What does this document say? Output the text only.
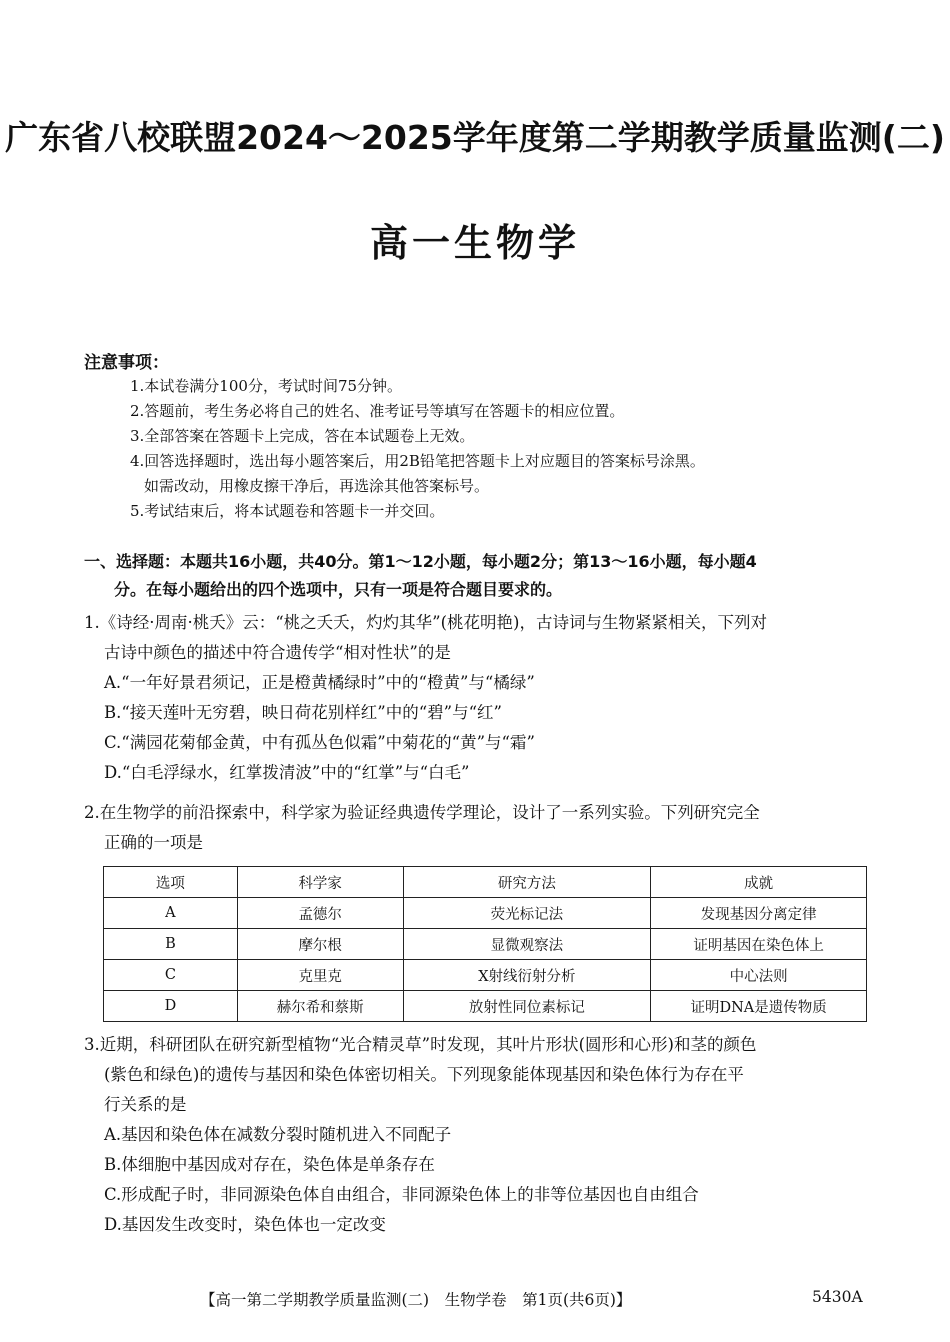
广东省八校联盟2024～2025学年度第二学期教学质量监测(二)
高一生物学
注意事项：
1.本试卷满分100分，考试时间75分钟。
2.答题前，考生务必将自己的姓名、准考证号等填写在答题卡的相应位置。
3.全部答案在答题卡上完成，答在本试题卷上无效。
4.回答选择题时，选出每小题答案后，用2B铅笔把答题卡上对应题目的答案标号涂黑。
如需改动，用橡皮擦干净后，再选涂其他答案标号。
5.考试结束后，将本试题卷和答题卡一并交回。
一、选择题：本题共16小题，共40分。第1～12小题，每小题2分；第13～16小题，每小题4
分。在每小题给出的四个选项中，只有一项是符合题目要求的。
1.《诗经·周南·桃夭》云：“桃之夭夭，灼灼其华”(桃花明艳)，古诗词与生物紧紧相关，下列对
古诗中颜色的描述中符合遗传学“相对性状”的是
A.“一年好景君须记，正是橙黄橘绿时”中的“橙黄”与“橘绿”
B.“接天莲叶无穷碧，映日荷花别样红”中的“碧”与“红”
C.“满园花菊郁金黄，中有孤丛色似霜”中菊花的“黄”与“霜”
D.“白毛浮绿水，红掌拨清波”中的“红掌”与“白毛”
2.在生物学的前沿探索中，科学家为验证经典遗传学理论，设计了一系列实验。下列研究完全
正确的一项是
选项	科学家	研究方法	成就
A	孟德尔	荧光标记法	发现基因分离定律
B	摩尔根	显微观察法	证明基因在染色体上
C	克里克	X射线衍射分析	中心法则
D	赫尔希和蔡斯	放射性同位素标记	证明DNA是遗传物质
3.近期，科研团队在研究新型植物“光合精灵草”时发现，其叶片形状(圆形和心形)和茎的颜色
(紫色和绿色)的遗传与基因和染色体密切相关。下列现象能体现基因和染色体行为存在平
行关系的是
A.基因和染色体在减数分裂时随机进入不同配子
B.体细胞中基因成对存在，染色体是单条存在
C.形成配子时，非同源染色体自由组合，非同源染色体上的非等位基因也自由组合
D.基因发生改变时，染色体也一定改变
【高一第二学期教学质量监测(二)　生物学卷　第1页(共6页)】	5430A
